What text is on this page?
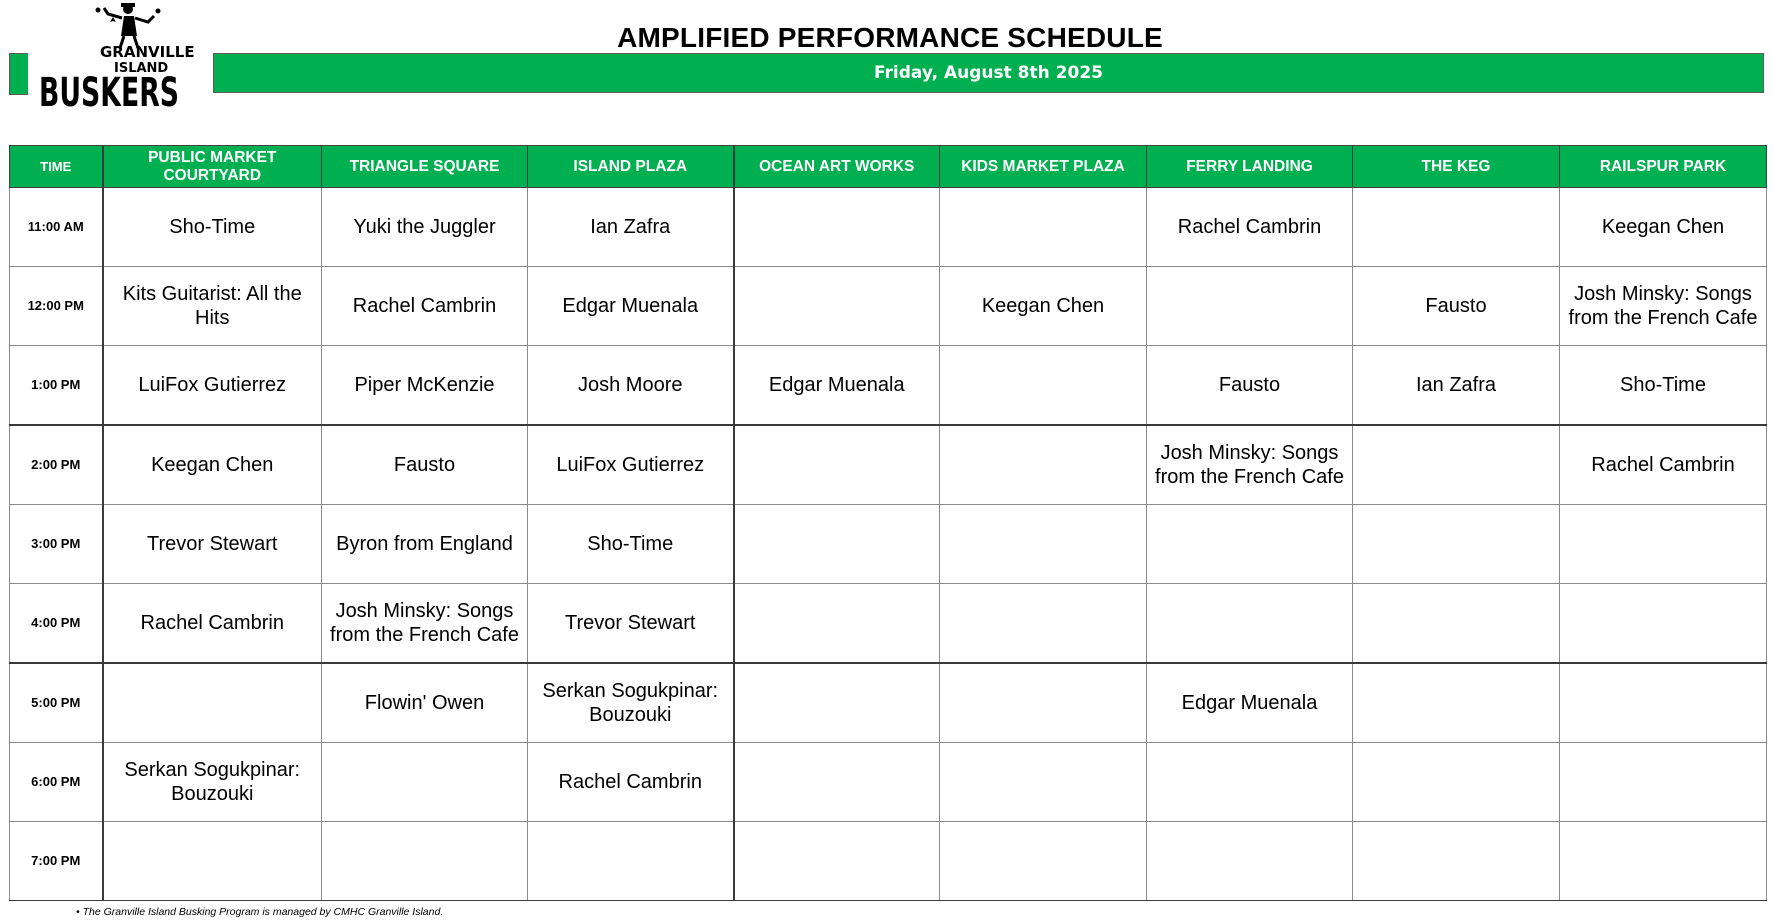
GRANVILLE
ISLAND
BUSKERS
AMPLIFIED PERFORMANCE SCHEDULE
Friday, August 8th 2025
TIME	PUBLIC MARKET COURTYARD	TRIANGLE SQUARE	ISLAND PLAZA	OCEAN ART WORKS	KIDS MARKET PLAZA	FERRY LANDING	THE KEG	RAILSPUR PARK
11:00 AM	Sho-Time	Yuki the Juggler	Ian Zafra			Rachel Cambrin		Keegan Chen
12:00 PM	Kits Guitarist: All the Hits	Rachel Cambrin	Edgar Muenala		Keegan Chen		Fausto	Josh Minsky: Songs from the French Cafe
1:00 PM	LuiFox Gutierrez	Piper McKenzie	Josh Moore	Edgar Muenala		Fausto	Ian Zafra	Sho-Time
2:00 PM	Keegan Chen	Fausto	LuiFox Gutierrez			Josh Minsky: Songs from the French Cafe		Rachel Cambrin
3:00 PM	Trevor Stewart	Byron from England	Sho-Time					
4:00 PM	Rachel Cambrin	Josh Minsky: Songs from the French Cafe	Trevor Stewart					
5:00 PM		Flowin' Owen	Serkan Sogukpinar: Bouzouki			Edgar Muenala		
6:00 PM	Serkan Sogukpinar: Bouzouki		Rachel Cambrin					
7:00 PM								
• The Granville Island Busking Program is managed by CMHC Granville Island.
